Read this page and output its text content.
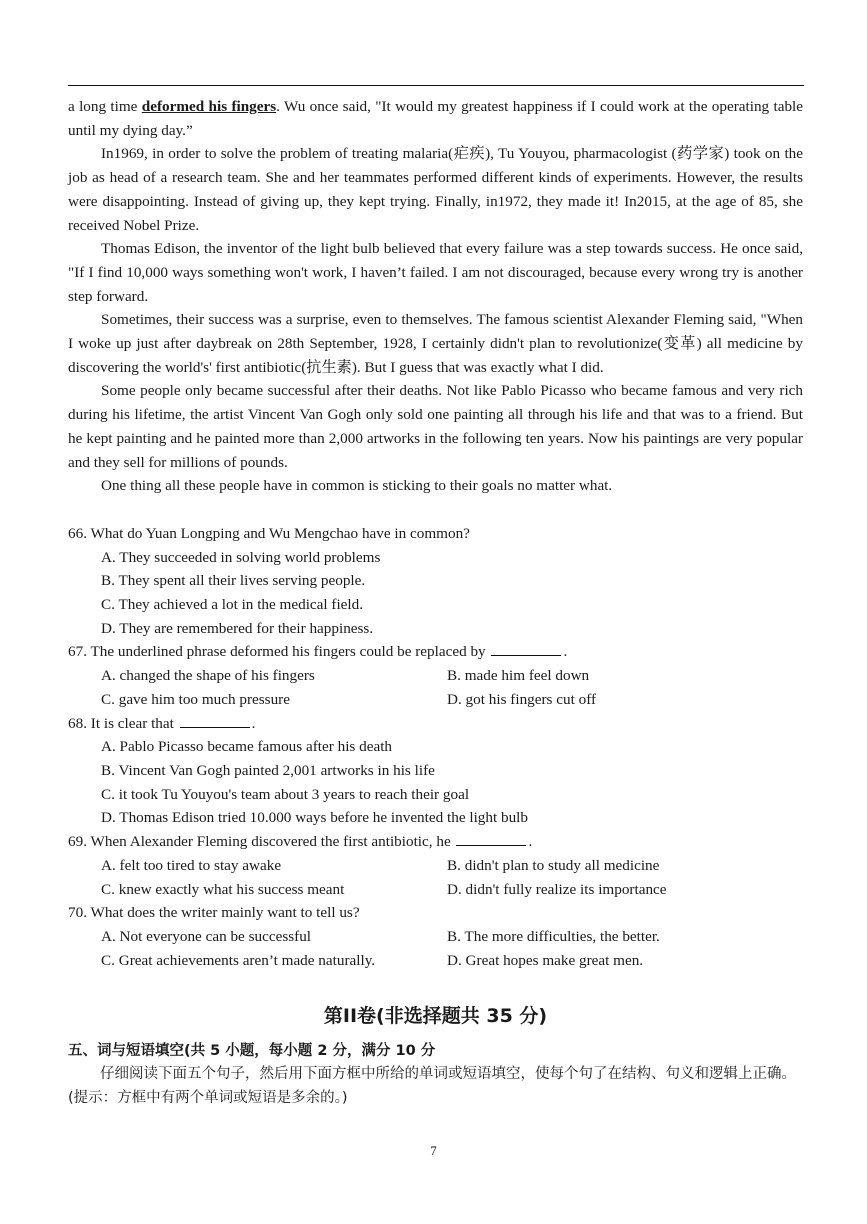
a long time deformed his fingers. Wu once said, "It would my greatest happiness if I could work at the operating table until my dying day.”

In1969, in order to solve the problem of treating malaria(疟疾), Tu Youyou, pharmacologist (药学家) took on the job as head of a research team. She and her teammates performed different kinds of experiments. However, the results were disappointing. Instead of giving up, they kept trying. Finally, in1972, they made it! In2015, at the age of 85, she received Nobel Prize.

Thomas Edison, the inventor of the light bulb believed that every failure was a step towards success. He once said, "If I find 10,000 ways something won't work, I haven’t failed. I am not discouraged, because every wrong try is another step forward.

Sometimes, their success was a surprise, even to themselves. The famous scientist Alexander Fleming said, "When I woke up just after daybreak on 28th September, 1928, I certainly didn't plan to revolutionize(变革) all medicine by discovering the world's' first antibiotic(抗生素). But I guess that was exactly what I did.

Some people only became successful after their deaths. Not like Pablo Picasso who became famous and very rich during his lifetime, the artist Vincent Van Gogh only sold one painting all through his life and that was to a friend. But he kept painting and he painted more than 2,000 artworks in the following ten years. Now his paintings are very popular and they sell for millions of pounds.

One thing all these people have in common is sticking to their goals no matter what.

66. What do Yuan Longping and Wu Mengchao have in common?

A. They succeeded in solving world problems
B. They spent all their lives serving people.
C. They achieved a lot in the medical field.
D. They are remembered for their happiness.

67. The underlined phrase deformed his fingers could be replaced by	.

A. changed the shape of his fingers	B. made him feel down
C. gave him too much pressure	D. got his fingers cut off

68. It is clear that	.

A. Pablo Picasso became famous after his death
B. Vincent Van Gogh painted 2,001 artworks in his life
C. it took Tu Youyou's team about 3 years to reach their goal
D. Thomas Edison tried 10.000 ways before he invented the light bulb

69. When Alexander Fleming discovered the first antibiotic, he	.

A. felt too tired to stay awake	B. didn't plan to study all medicine
C. knew exactly what his success meant	D. didn't fully realize its importance

70. What does the writer mainly want to tell us?

A. Not everyone can be successful	B. The more difficulties, the better.
C. Great achievements aren’t made naturally.	D. Great hopes make great men.
第II卷(非选择题共 35 分)
五、词与短语填空(共 5 小题，每小题 2 分，满分 10 分

仔细阅读下面五个句子，然后用下面方框中所给的单词或短语填空，使每个句了在结构、句义和逻辑上正确。(提示：方框中有两个单词或短语是多余的。)

7
